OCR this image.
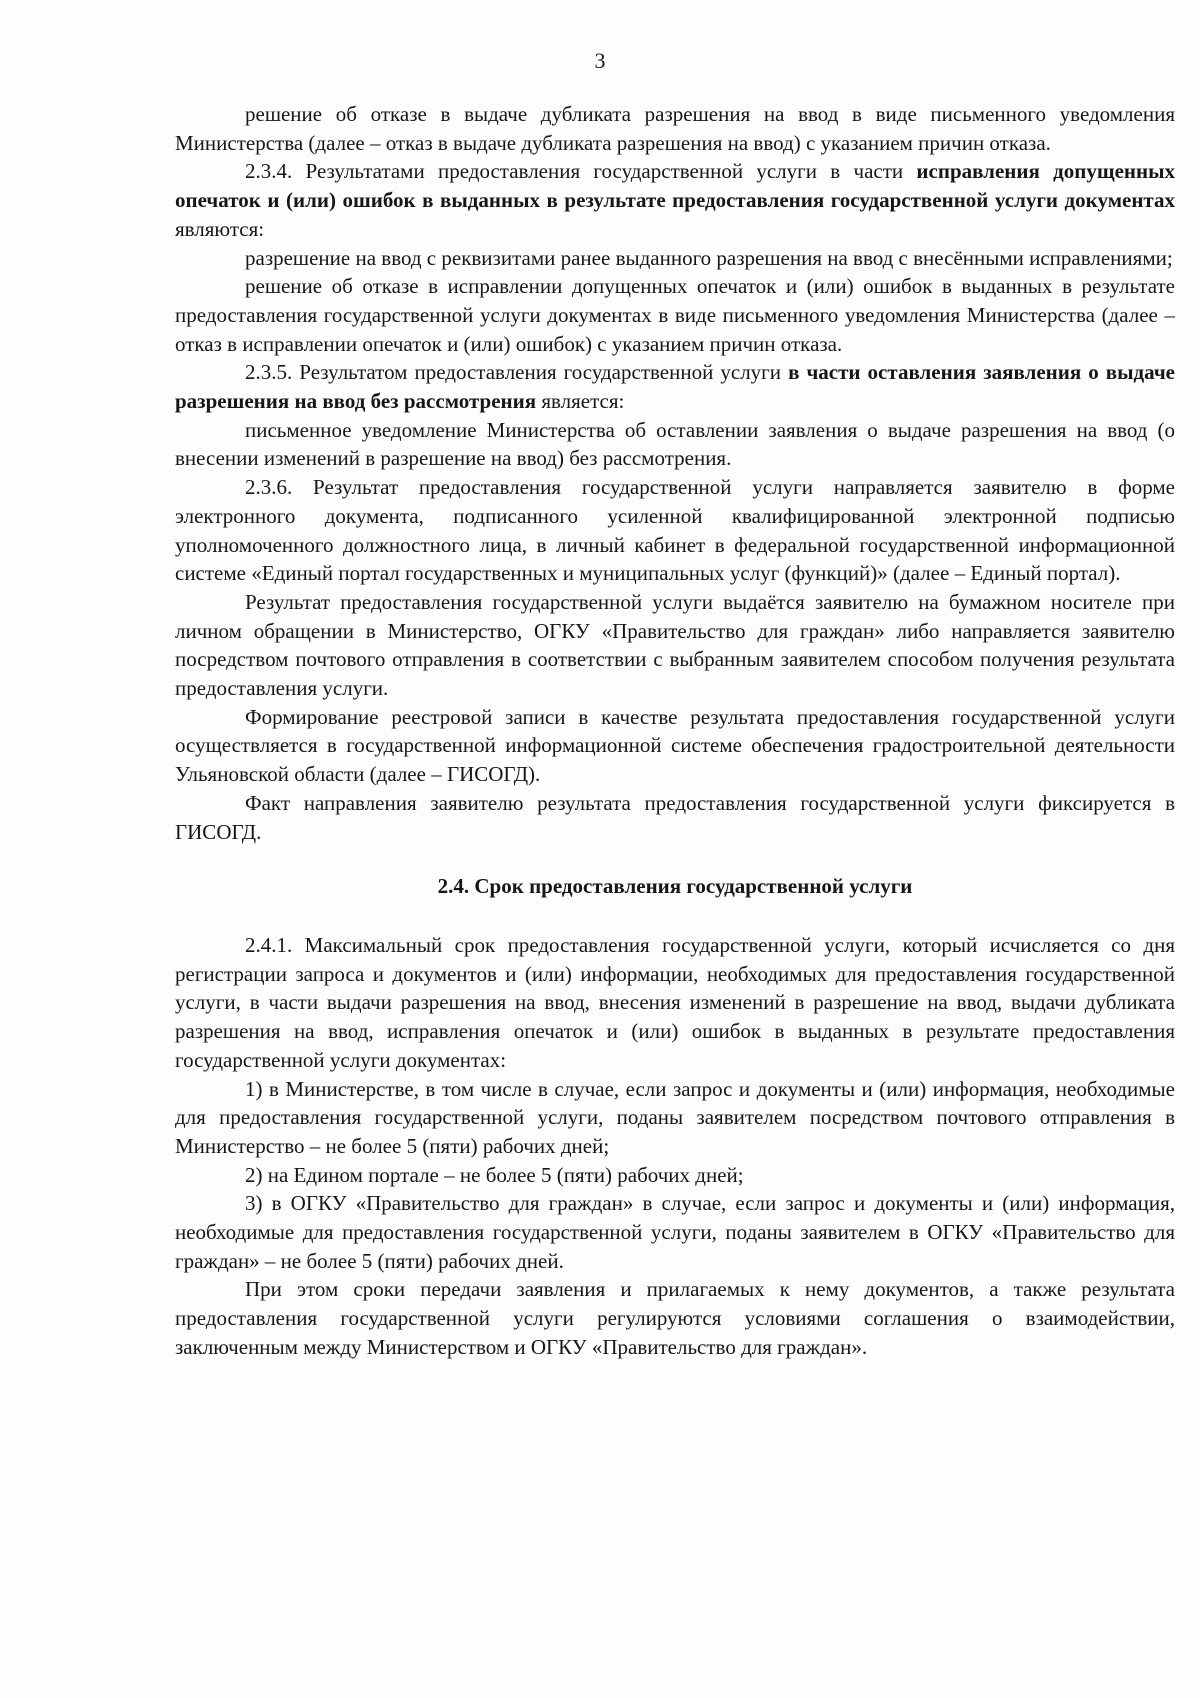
3

решение об отказе в выдаче дубликата разрешения на ввод в виде письменного уведомления Министерства (далее – отказ в выдаче дубликата разрешения на ввод) с указанием причин отказа.

2.3.4. Результатами предоставления государственной услуги в части исправления допущенных опечаток и (или) ошибок в выданных в результате предоставления государственной услуги документах являются:

разрешение на ввод с реквизитами ранее выданного разрешения на ввод с внесёнными исправлениями;

решение об отказе в исправлении допущенных опечаток и (или) ошибок в выданных в результате предоставления государственной услуги документах в виде письменного уведомления Министерства (далее – отказ в исправлении опечаток и (или) ошибок) с указанием причин отказа.

2.3.5. Результатом предоставления государственной услуги в части оставления заявления о выдаче разрешения на ввод без рассмотрения является:

письменное уведомление Министерства об оставлении заявления о выдаче разрешения на ввод (о внесении изменений в разрешение на ввод) без рассмотрения.

2.3.6. Результат предоставления государственной услуги направляется заявителю в форме электронного документа, подписанного усиленной квалифицированной электронной подписью уполномоченного должностного лица, в личный кабинет в федеральной государственной информационной системе «Единый портал государственных и муниципальных услуг (функций)» (далее – Единый портал).

Результат предоставления государственной услуги выдаётся заявителю на бумажном носителе при личном обращении в Министерство, ОГКУ «Правительство для граждан» либо направляется заявителю посредством почтового отправления в соответствии с выбранным заявителем способом получения результата предоставления услуги.

Формирование реестровой записи в качестве результата предоставления государственной услуги осуществляется в государственной информационной системе обеспечения градостроительной деятельности Ульяновской области (далее – ГИСОГД).

Факт направления заявителю результата предоставления государственной услуги фиксируется в ГИСОГД.

2.4. Срок предоставления государственной услуги

2.4.1. Максимальный срок предоставления государственной услуги, который исчисляется со дня регистрации запроса и документов и (или) информации, необходимых для предоставления государственной услуги, в части выдачи разрешения на ввод, внесения изменений в разрешение на ввод, выдачи дубликата разрешения на ввод, исправления опечаток и (или) ошибок в выданных в результате предоставления государственной услуги документах:

1) в Министерстве, в том числе в случае, если запрос и документы и (или) информация, необходимые для предоставления государственной услуги, поданы заявителем посредством почтового отправления в Министерство – не более 5 (пяти) рабочих дней;

2) на Едином портале – не более 5 (пяти) рабочих дней;

3) в ОГКУ «Правительство для граждан» в случае, если запрос и документы и (или) информация, необходимые для предоставления государственной услуги, поданы заявителем в ОГКУ «Правительство для граждан» – не более 5 (пяти) рабочих дней.

При этом сроки передачи заявления и прилагаемых к нему документов, а также результата предоставления государственной услуги регулируются условиями соглашения о взаимодействии, заключенным между Министерством и ОГКУ «Правительство для граждан».
